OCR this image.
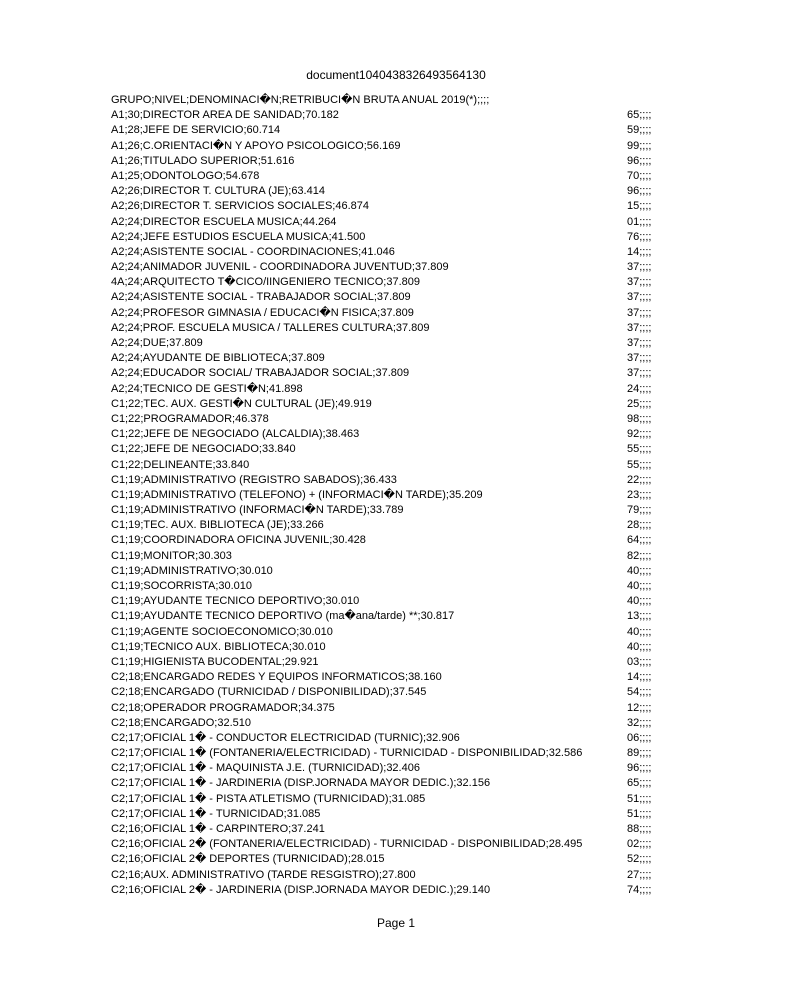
document1040438326493564130
GRUPO;NIVEL;DENOMINACI�N;RETRIBUCI�N BRUTA ANUAL 2019(*);;;;
A1;30;DIRECTOR AREA DE SANIDAD;70.182	65;;;;
A1;28;JEFE DE SERVICIO;60.714	59;;;;
A1;26;C.ORIENTACI�N Y APOYO PSICOLOGICO;56.169	99;;;;
A1;26;TITULADO SUPERIOR;51.616	96;;;;
A1;25;ODONTOLOGO;54.678	70;;;;
A2;26;DIRECTOR T. CULTURA (JE);63.414	96;;;;
A2;26;DIRECTOR T. SERVICIOS SOCIALES;46.874	15;;;;
A2;24;DIRECTOR ESCUELA MUSICA;44.264	01;;;;
A2;24;JEFE ESTUDIOS ESCUELA MUSICA;41.500	76;;;;
A2;24;ASISTENTE SOCIAL - COORDINACIONES;41.046	14;;;;
A2;24;ANIMADOR JUVENIL - COORDINADORA JUVENTUD;37.809	37;;;;
4A;24;ARQUITECTO T�CICO/IINGENIERO TECNICO;37.809	37;;;;
A2;24;ASISTENTE SOCIAL - TRABAJADOR SOCIAL;37.809	37;;;;
A2;24;PROFESOR GIMNASIA / EDUCACI�N FISICA;37.809	37;;;;
A2;24;PROF. ESCUELA MUSICA / TALLERES CULTURA;37.809	37;;;;
A2;24;DUE;37.809	37;;;;
A2;24;AYUDANTE DE BIBLIOTECA;37.809	37;;;;
A2;24;EDUCADOR SOCIAL/ TRABAJADOR SOCIAL;37.809	37;;;;
A2;24;TECNICO DE GESTI�N;41.898	24;;;;
C1;22;TEC. AUX. GESTI�N CULTURAL (JE);49.919	25;;;;
C1;22;PROGRAMADOR;46.378	98;;;;
C1;22;JEFE DE NEGOCIADO (ALCALDIA);38.463	92;;;;
C1;22;JEFE DE NEGOCIADO;33.840	55;;;;
C1;22;DELINEANTE;33.840	55;;;;
C1;19;ADMINISTRATIVO (REGISTRO SABADOS);36.433	22;;;;
C1;19;ADMINISTRATIVO (TELEFONO) + (INFORMACI�N TARDE);35.209	23;;;;
C1;19;ADMINISTRATIVO (INFORMACI�N TARDE);33.789	79;;;;
C1;19;TEC. AUX. BIBLIOTECA (JE);33.266	28;;;;
C1;19;COORDINADORA OFICINA JUVENIL;30.428	64;;;;
C1;19;MONITOR;30.303	82;;;;
C1;19;ADMINISTRATIVO;30.010	40;;;;
C1;19;SOCORRISTA;30.010	40;;;;
C1;19;AYUDANTE TECNICO DEPORTIVO;30.010	40;;;;
C1;19;AYUDANTE TECNICO DEPORTIVO (ma�ana/tarde) **;30.817	13;;;;
C1;19;AGENTE SOCIOECONOMICO;30.010	40;;;;
C1;19;TECNICO AUX. BIBLIOTECA;30.010	40;;;;
C1;19;HIGIENISTA BUCODENTAL;29.921	03;;;;
C2;18;ENCARGADO REDES Y EQUIPOS INFORMATICOS;38.160	14;;;;
C2;18;ENCARGADO (TURNICIDAD / DISPONIBILIDAD);37.545	54;;;;
C2;18;OPERADOR PROGRAMADOR;34.375	12;;;;
C2;18;ENCARGADO;32.510	32;;;;
C2;17;OFICIAL 1� - CONDUCTOR ELECTRICIDAD (TURNIC);32.906	06;;;;
C2;17;OFICIAL 1� (FONTANERIA/ELECTRICIDAD) - TURNICIDAD - DISPONIBILIDAD;32.586	89;;;;
C2;17;OFICIAL 1� - MAQUINISTA J.E. (TURNICIDAD);32.406	96;;;;
C2;17;OFICIAL 1� - JARDINERIA (DISP.JORNADA MAYOR DEDIC.);32.156	65;;;;
C2;17;OFICIAL 1� - PISTA ATLETISMO (TURNICIDAD);31.085	51;;;;
C2;17;OFICIAL 1� - TURNICIDAD;31.085	51;;;;
C2;16;OFICIAL 1� - CARPINTERO;37.241	88;;;;
C2;16;OFICIAL 2� (FONTANERIA/ELECTRICIDAD) - TURNICIDAD - DISPONIBILIDAD;28.495	02;;;;
C2;16;OFICIAL 2� DEPORTES (TURNICIDAD);28.015	52;;;;
C2;16;AUX. ADMINISTRATIVO (TARDE RESGISTRO);27.800	27;;;;
C2;16;OFICIAL 2� - JARDINERIA (DISP.JORNADA MAYOR DEDIC.);29.140	74;;;;
Page 1
